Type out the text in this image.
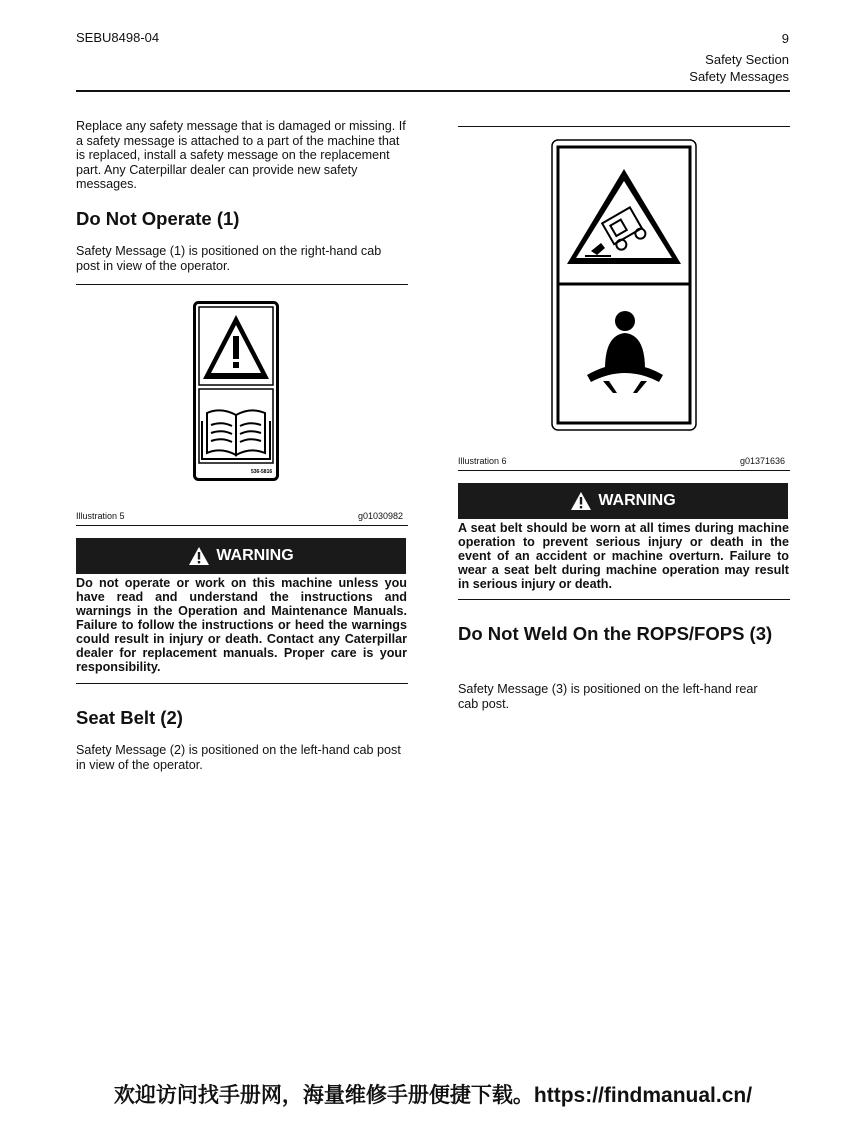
SEBU8498-04	9
Safety Section
Safety Messages
Replace any safety message that is damaged or missing. If a safety message is attached to a part of the machine that is replaced, install a safety message on the replacement part. Any Caterpillar dealer can provide new safety messages.
Do Not Operate (1)
Safety Message (1) is positioned on the right-hand cab post in view of the operator.
536-5816
Illustration 5	g01030982
WARNING
Do not operate or work on this machine unless you have read and understand the instructions and warnings in the Operation and Maintenance Manuals. Failure to follow the instructions or heed the warnings could result in injury or death. Contact any Caterpillar dealer for replacement manuals. Proper care is your responsibility.
Seat Belt (2)
Safety Message (2) is positioned on the left-hand cab post in view of the operator.
Illustration 6	g01371636
WARNING
A seat belt should be worn at all times during machine operation to prevent serious injury or death in the event of an accident or machine overturn. Failure to wear a seat belt during machine operation may result in serious injury or death.
Do Not Weld On the ROPS/FOPS (3)
Safety Message (3) is positioned on the left-hand rear cab post.
欢迎访问找手册网，海量维修手册便捷下载。https://findmanual.cn/
